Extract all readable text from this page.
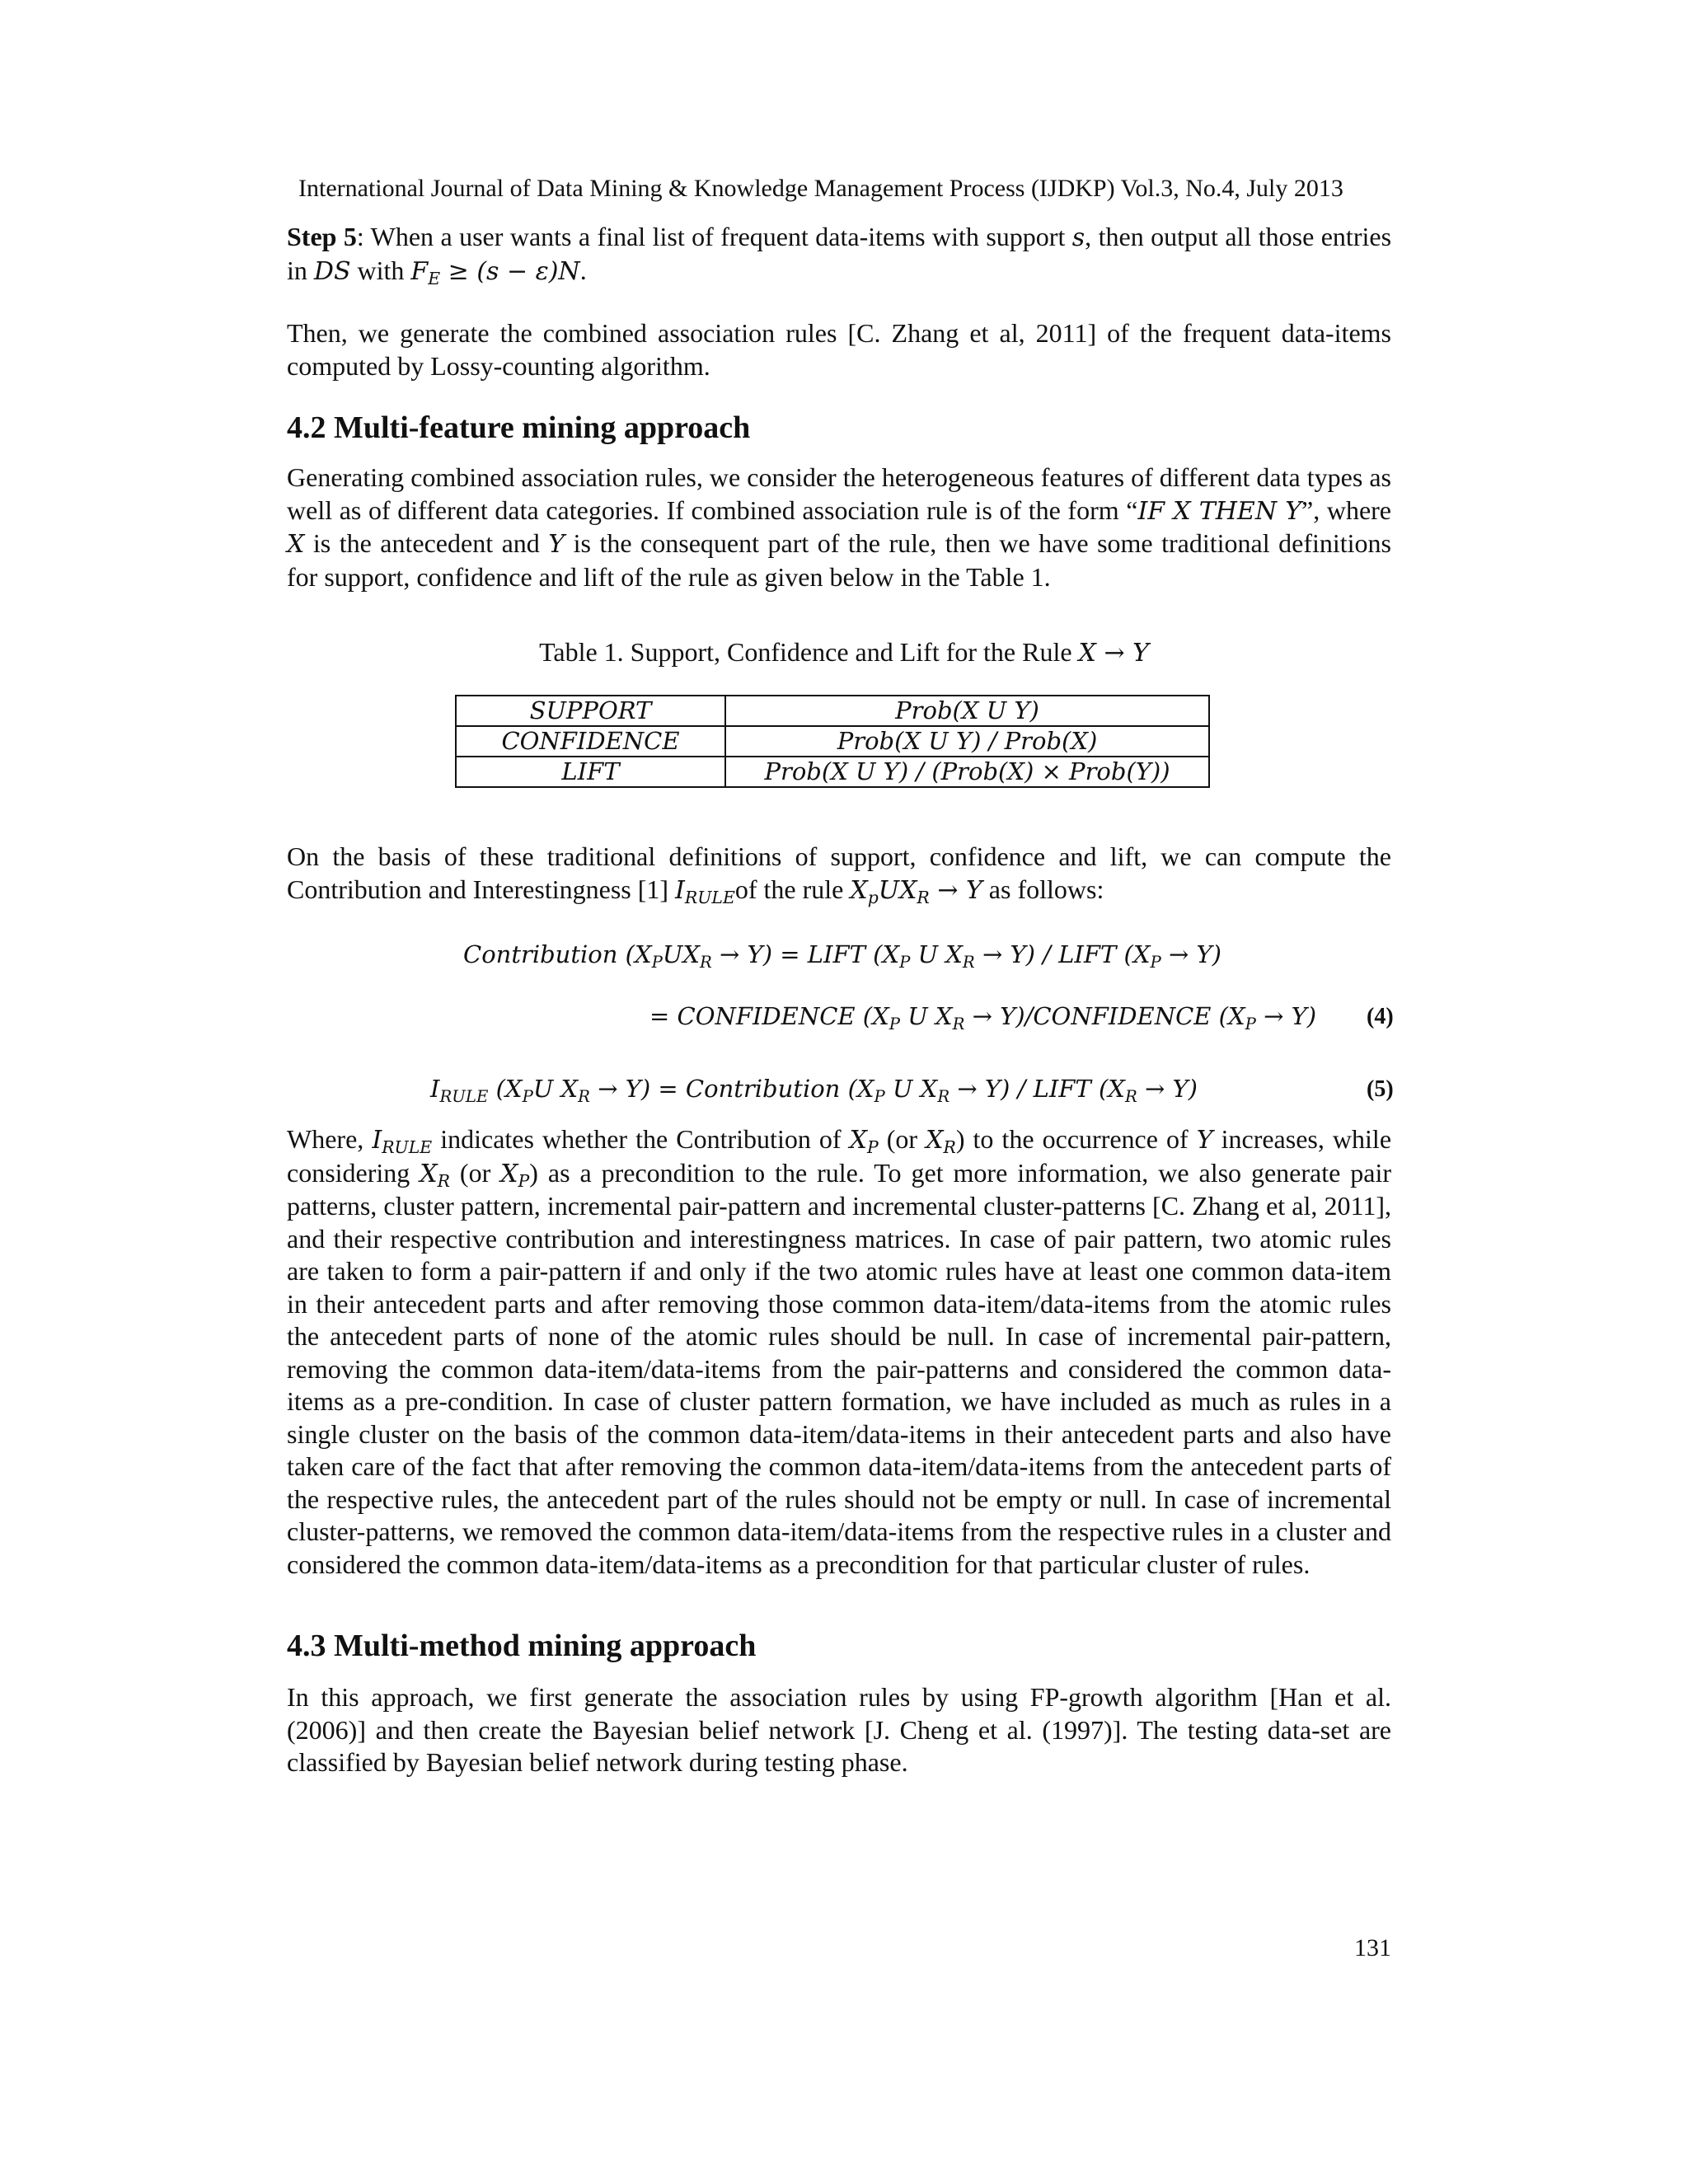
International Journal of Data Mining & Knowledge Management Process (IJDKP) Vol.3, No.4, July 2013
Step 5: When a user wants a final list of frequent data-items with support s, then output all those entries in DS with $F_E \ge (s - \varepsilon)N$.
Then, we generate the combined association rules [C. Zhang et al, 2011] of the frequent data-items computed by Lossy-counting algorithm.
4.2 Multi-feature mining approach
Generating combined association rules, we consider the heterogeneous features of different data types as well as of different data categories. If combined association rule is of the form “IF X THEN Y”, where X is the antecedent and Y is the consequent part of the rule, then we have some traditional definitions for support, confidence and lift of the rule as given below in the Table 1.
Table 1. Support, Confidence and Lift for the Rule X → Y
SUPPORT	Prob(X U Y)
CONFIDENCE	Prob(X U Y) / Prob(X)
LIFT	Prob(X U Y) / (Prob(X) × Prob(Y))
On the basis of these traditional definitions of support, confidence and lift, we can compute the Contribution and Interestingness [1] $I_{RULE}of$ the rule $X_pUX_R \to Y$ as follows:
Contribution $(X_PUX_R \to Y)$ = LIFT ($X_P$ U $X_R \to Y$) / LIFT $(X_P \to Y)$
= CONFIDENCE ($X_P$ U $X_R$ → Y)/CONFIDENCE $(X_P \to Y)$ (4)
$I_{RULE}$ ($X_PU$ $X_R \to Y$) = Contribution ($X_P$ U $X_R \to Y$) / LIFT $(X_R \to Y)$	(5)
Where, $I_{RULE}$ indicates whether the Contribution of $X_P$ (or $X_R$) to the occurrence of Y increases, while considering $X_R$ (or $X_P$) as a precondition to the rule. To get more information, we also generate pair patterns, cluster pattern, incremental pair-pattern and incremental cluster-patterns [C. Zhang et al, 2011], and their respective contribution and interestingness matrices. In case of pair pattern, two atomic rules are taken to form a pair-pattern if and only if the two atomic rules have at least one common data-item in their antecedent parts and after removing those common data-item/data-items from the atomic rules the antecedent parts of none of the atomic rules should be null. In case of incremental pair-pattern, removing the common data-item/data-items from the pair-patterns and considered the common data-items as a pre-condition. In case of cluster pattern formation, we have included as much as rules in a single cluster on the basis of the common data-item/data-items in their antecedent parts and also have taken care of the fact that after removing the common data-item/data-items from the antecedent parts of the respective rules, the antecedent part of the rules should not be empty or null. In case of incremental cluster-patterns, we removed the common data-item/data-items from the respective rules in a cluster and considered the common data-item/data-items as a precondition for that particular cluster of rules.
4.3 Multi-method mining approach
In this approach, we first generate the association rules by using FP-growth algorithm [Han et al. (2006)] and then create the Bayesian belief network [J. Cheng et al. (1997)]. The testing data-set are classified by Bayesian belief network during testing phase.
131
